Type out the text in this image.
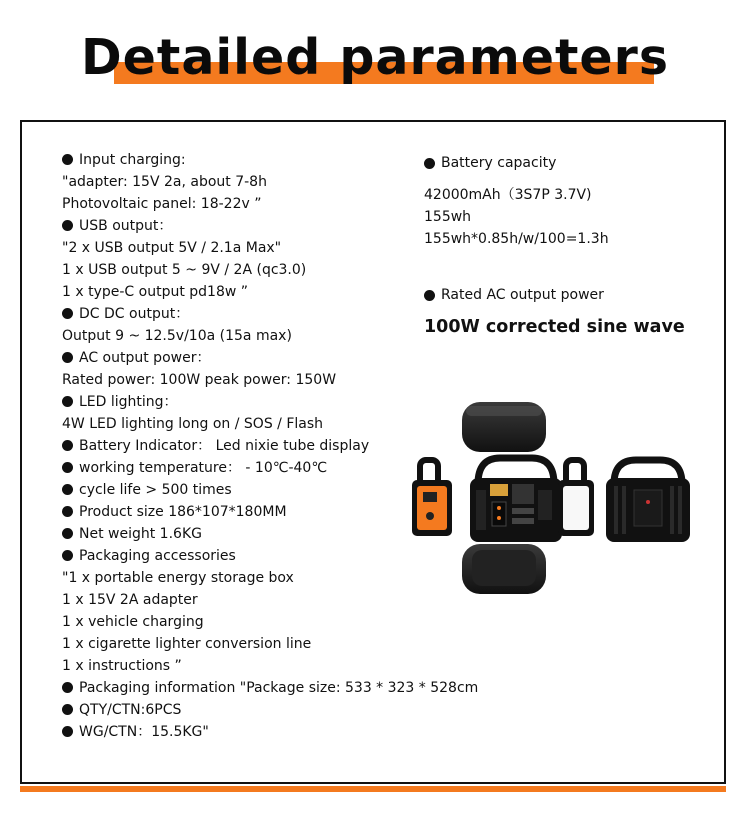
Detailed parameters
Input charging:
"adapter: 15V 2a, about 7-8h
Photovoltaic panel: 18-22v ”
USB output：
"2 x USB output 5V / 2.1a Max"
1 x USB output 5 ~ 9V / 2A (qc3.0)
1 x type-C output pd18w ”
DC DC output：
Output 9 ~ 12.5v/10a (15a max)
AC output power：
Rated power: 100W peak power: 150W
LED lighting：
4W LED lighting long on / SOS / Flash
Battery Indicator： Led nixie tube display
working temperature： - 10℃-40℃
cycle life > 500 times
Product size 186*107*180MM
Net weight 1.6KG
Packaging accessories
"1 x portable energy storage box
1 x 15V 2A adapter
1 x vehicle charging
1 x cigarette lighter conversion line
1 x instructions ”
Packaging information "Package size: 533 * 323 * 528cm
QTY/CTN:6PCS
WG/CTN：15.5KG"
Battery capacity
42000mAh（3S7P 3.7V)
155wh
155wh*0.85h/w/100=1.3h
Rated AC output power
100W corrected sine wave
